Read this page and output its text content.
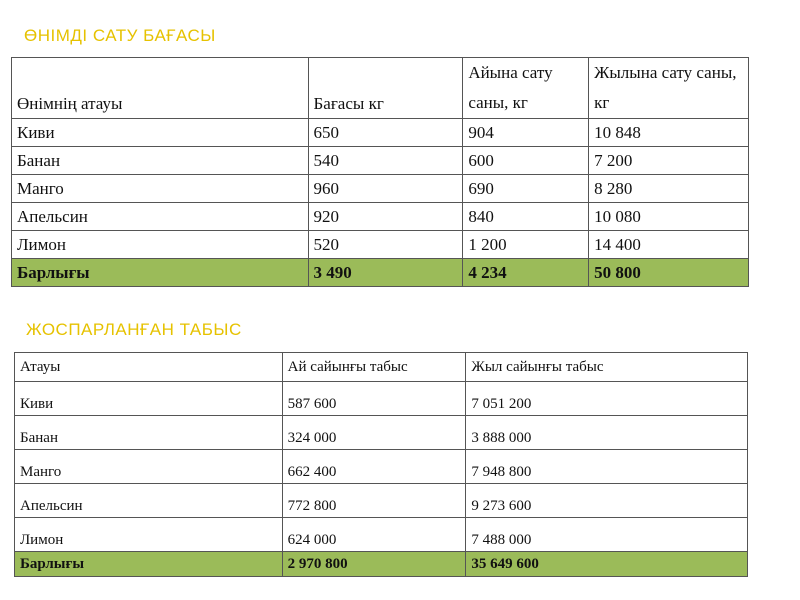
ӨНІМДІ САТУ БАҒАСЫ
Өнімнің атауы	Бағасы кг	Айына сату саны, кг	Жылына сату саны, кг
Киви	650	904	10 848
Банан	540	600	7 200
Манго	960	690	8 280
Апельсин	920	840	10 080
Лимон	520	1 200	14 400
Барлығы	3 490	4 234	50 800
ЖОСПАРЛАНҒАН ТАБЫС
Атауы	Ай сайынғы табыс	Жыл сайынғы табыс
Киви	587 600	7 051 200
Банан	324 000	3 888 000
Манго	662 400	7 948 800
Апельсин	772 800	9 273 600
Лимон	624 000	7 488 000
Барлығы	2 970 800	35 649 600
